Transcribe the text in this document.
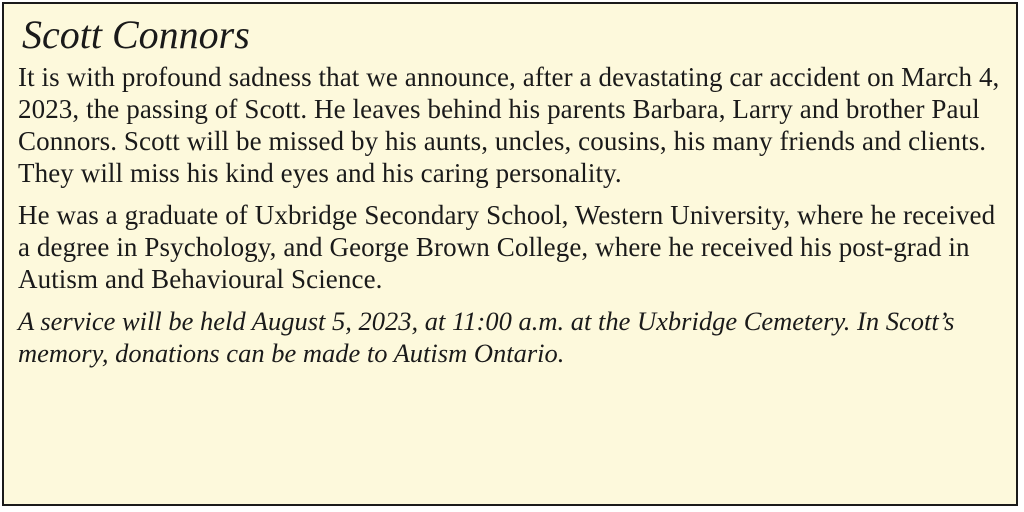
Scott Connors

It is with profound sadness that we announce, after a devastating car accident on March 4, 2023, the passing of Scott. He leaves behind his parents Barbara, Larry and brother Paul Connors. Scott will be missed by his aunts, uncles, cousins, his many friends and clients. They will miss his kind eyes and his caring personality.

He was a graduate of Uxbridge Secondary School, Western University, where he received a degree in Psychology, and George Brown College, where he received his post-grad in Autism and Behavioural Science.

A service will be held August 5, 2023, at 11:00 a.m. at the Uxbridge Cemetery. In Scott’s memory, donations can be made to Autism Ontario.
